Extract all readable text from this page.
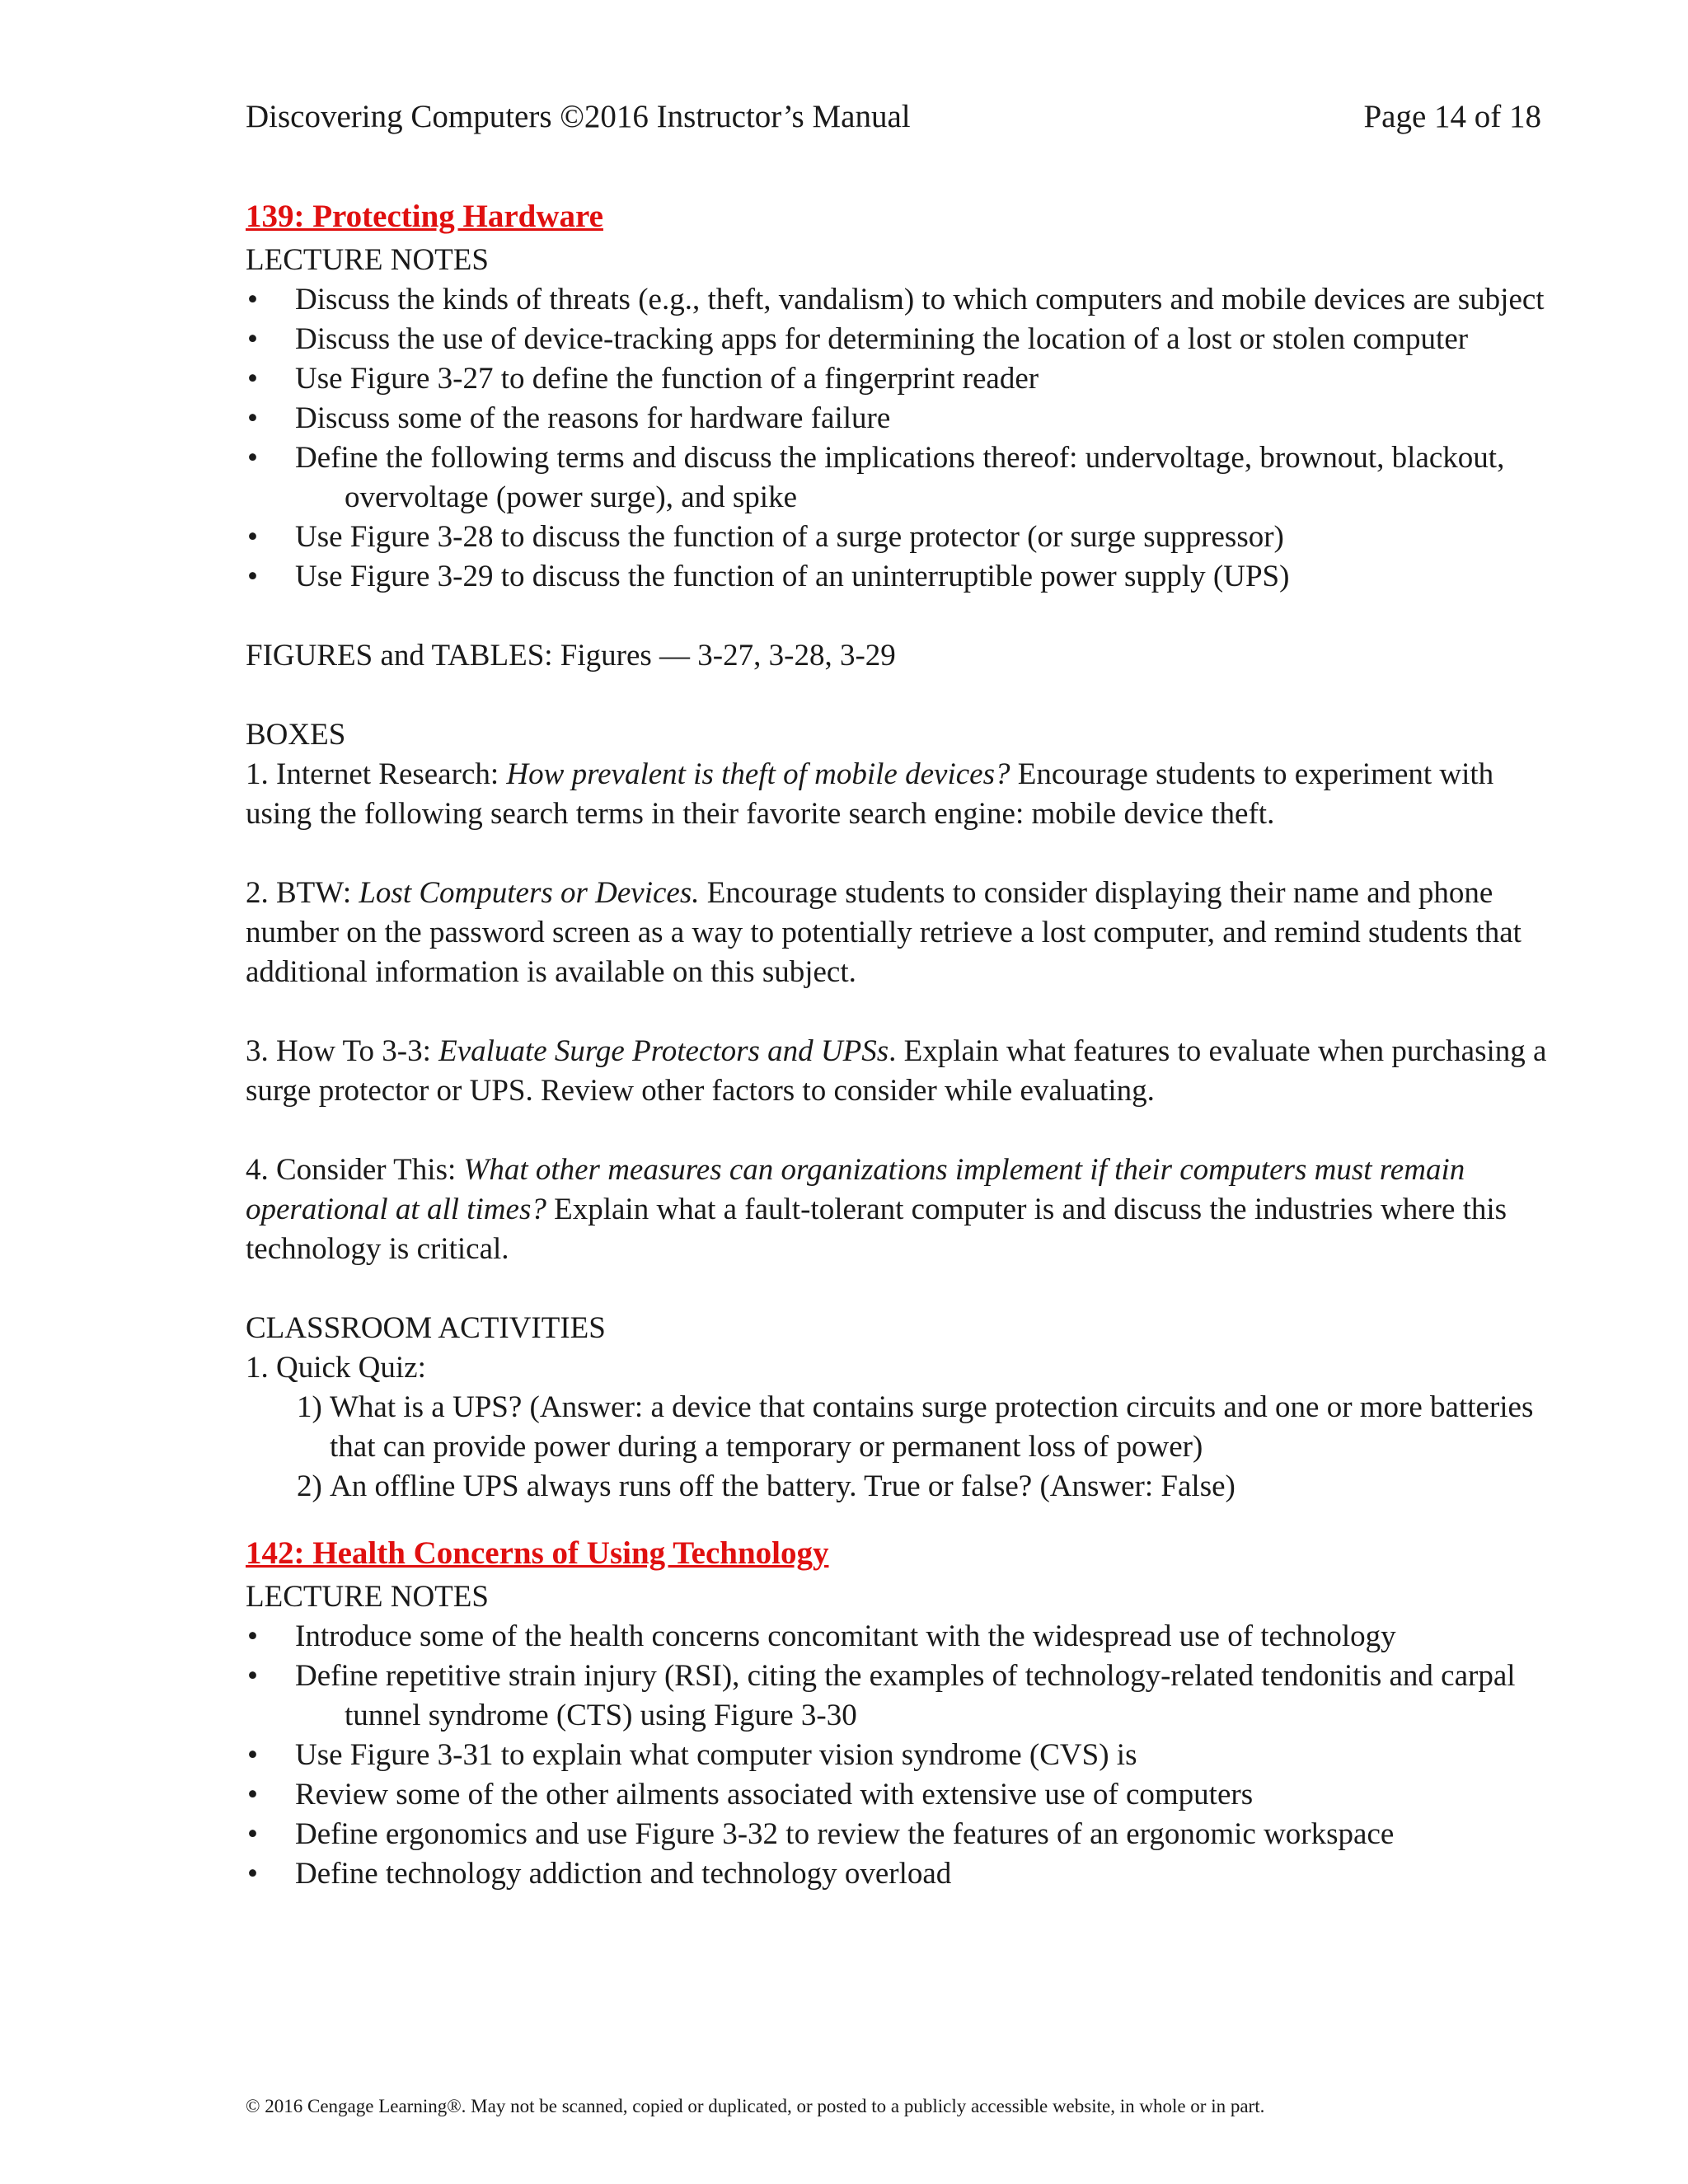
Discovering Computers ©2016 Instructor’s Manual	Page 14 of 18
139: Protecting Hardware

LECTURE NOTES

• Discuss the kinds of threats (e.g., theft, vandalism) to which computers and mobile devices are subject
• Discuss the use of device-tracking apps for determining the location of a lost or stolen computer
• Use Figure 3-27 to define the function of a fingerprint reader
• Discuss some of the reasons for hardware failure
• Define the following terms and discuss the implications thereof: undervoltage, brownout, blackout, overvoltage (power surge), and spike
• Use Figure 3-28 to discuss the function of a surge protector (or surge suppressor)
• Use Figure 3-29 to discuss the function of an uninterruptible power supply (UPS)

FIGURES and TABLES: Figures — 3-27, 3-28, 3-29

BOXES

1. Internet Research: How prevalent is theft of mobile devices? Encourage students to experiment with using the following search terms in their favorite search engine: mobile device theft.

2. BTW: Lost Computers or Devices. Encourage students to consider displaying their name and phone number on the password screen as a way to potentially retrieve a lost computer, and remind students that additional information is available on this subject.

3. How To 3-3: Evaluate Surge Protectors and UPSs. Explain what features to evaluate when purchasing a surge protector or UPS. Review other factors to consider while evaluating.

4. Consider This: What other measures can organizations implement if their computers must remain operational at all times? Explain what a fault-tolerant computer is and discuss the industries where this technology is critical.

CLASSROOM ACTIVITIES

1. Quick Quiz:

1) What is a UPS? (Answer: a device that contains surge protection circuits and one or more batteries that can provide power during a temporary or permanent loss of power)
2) An offline UPS always runs off the battery. True or false? (Answer: False)
142: Health Concerns of Using Technology

LECTURE NOTES

• Introduce some of the health concerns concomitant with the widespread use of technology
• Define repetitive strain injury (RSI), citing the examples of technology-related tendonitis and carpal tunnel syndrome (CTS) using Figure 3-30
• Use Figure 3-31 to explain what computer vision syndrome (CVS) is
• Review some of the other ailments associated with extensive use of computers
• Define ergonomics and use Figure 3-32 to review the features of an ergonomic workspace
• Define technology addiction and technology overload
© 2016 Cengage Learning®. May not be scanned, copied or duplicated, or posted to a publicly accessible website, in whole or in part.
